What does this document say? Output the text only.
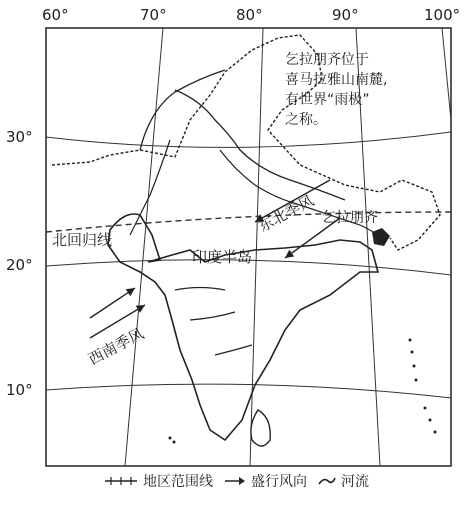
60°	70°	80°	90°	100°
30°
20°
10°
北回归线
印度半岛
乞拉朋齐
东北季风
西南季风
乞拉朋齐位于
喜马拉雅山南麓,
有世界“雨极”
之称。
地区范围线	盛行风向 河流
